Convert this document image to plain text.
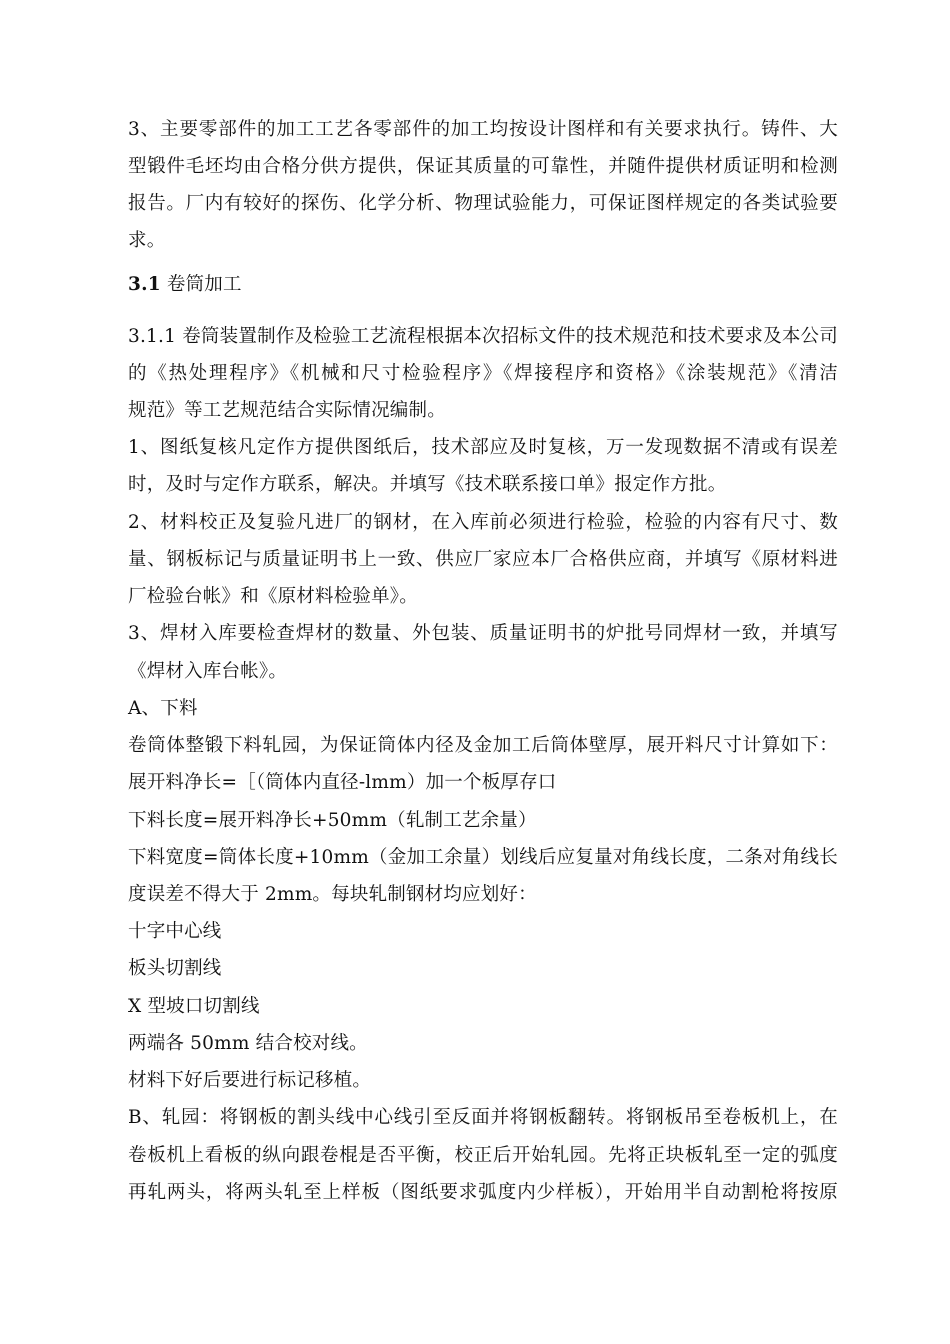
3、主要零部件的加工工艺各零部件的加工均按设计图样和有关要求执行。铸件、大
型锻件毛坯均由合格分供方提供，保证其质量的可靠性，并随件提供材质证明和检测
报告。厂内有较好的探伤、化学分析、物理试验能力，可保证图样规定的各类试验要
求。
3.1 卷筒加工
3.1.1 卷筒装置制作及检验工艺流程根据本次招标文件的技术规范和技术要求及本公司
的《热处理程序》《机械和尺寸检验程序》《焊接程序和资格》《涂装规范》《清洁
规范》等工艺规范结合实际情况编制。
1、图纸复核凡定作方提供图纸后，技术部应及时复核，万一发现数据不清或有误差
时，及时与定作方联系，解决。并填写《技术联系接口单》报定作方批。
2、材料校正及复验凡进厂的钢材，在入库前必须进行检验，检验的内容有尺寸、数
量、钢板标记与质量证明书上一致、供应厂家应本厂合格供应商，并填写《原材料进
厂检验台帐》和《原材料检验单》。
3、焊材入库要检查焊材的数量、外包装、质量证明书的炉批号同焊材一致，并填写
《焊材入库台帐》。
A、下料
卷筒体整锻下料轧园，为保证筒体内径及金加工后筒体壁厚，展开料尺寸计算如下：
展开料净长=［（筒体内直径-lmm）加一个板厚存口
下料长度=展开料净长+50mm（轧制工艺余量）
下料宽度=筒体长度+10mm（金加工余量）划线后应复量对角线长度，二条对角线长
度误差不得大于 2mm。每块轧制钢材均应划好：
十字中心线
板头切割线
X 型坡口切割线
两端各 50mm 结合校对线。
材料下好后要进行标记移植。
B、轧园：将钢板的割头线中心线引至反面并将钢板翻转。将钢板吊至卷板机上，在
卷板机上看板的纵向跟卷棍是否平衡，校正后开始轧园。先将正块板轧至一定的弧度
再轧两头，将两头轧至上样板（图纸要求弧度内少样板），开始用半自动割枪将按原
